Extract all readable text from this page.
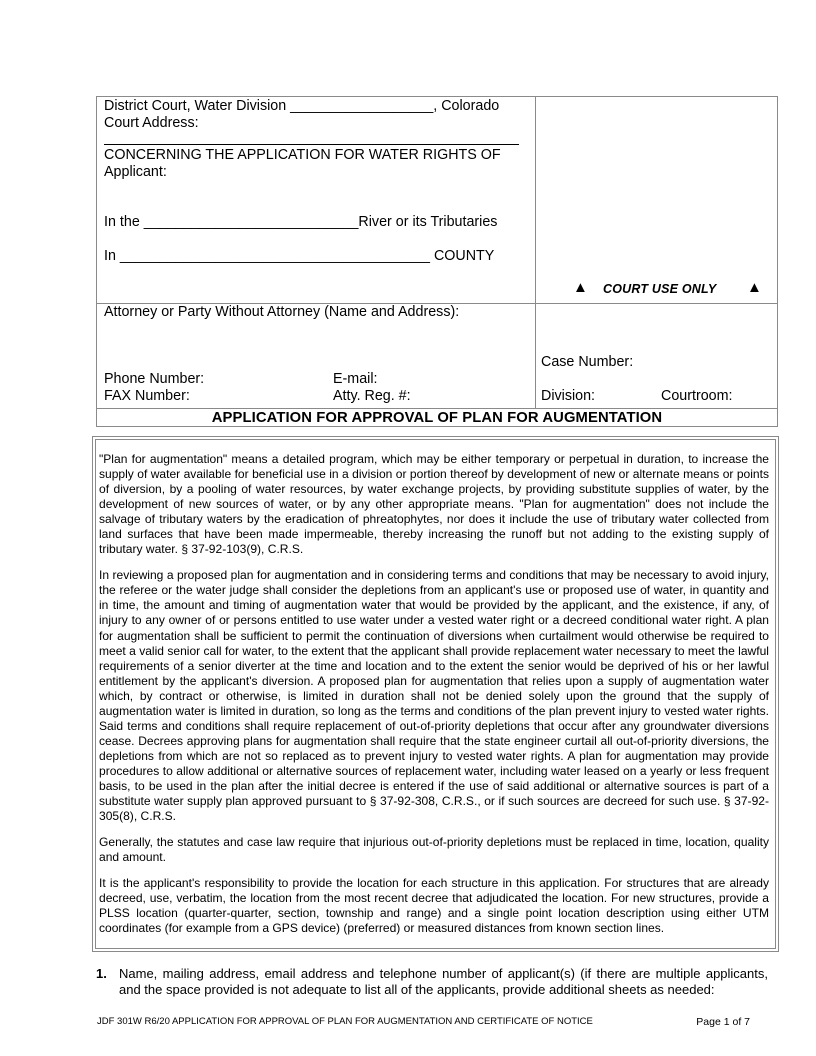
District Court, Water Division __________________, Colorado
Court Address:
CONCERNING THE APPLICATION FOR WATER RIGHTS OF
Applicant:
In the ___________________________River or its Tributaries
In _______________________________________ COUNTY
▲ COURT USE ONLY ▲
Attorney or Party Without Attorney (Name and Address):
Phone Number:	E-mail:
FAX Number:	Atty. Reg. #:
Case Number:
Division:	Courtroom:
APPLICATION FOR APPROVAL OF PLAN FOR AUGMENTATION

"Plan for augmentation" means a detailed program, which may be either temporary or perpetual in duration, to increase the supply of water available for beneficial use in a division or portion thereof by development of new or alternate means or points of diversion, by a pooling of water resources, by water exchange projects, by providing substitute supplies of water, by the development of new sources of water, or by any other appropriate means. "Plan for augmentation" does not include the salvage of tributary waters by the eradication of phreatophytes, nor does it include the use of tributary water collected from land surfaces that have been made impermeable, thereby increasing the runoff but not adding to the existing supply of tributary water. § 37-92-103(9), C.R.S.

In reviewing a proposed plan for augmentation and in considering terms and conditions that may be necessary to avoid injury, the referee or the water judge shall consider the depletions from an applicant's use or proposed use of water, in quantity and in time, the amount and timing of augmentation water that would be provided by the applicant, and the existence, if any, of injury to any owner of or persons entitled to use water under a vested water right or a decreed conditional water right. A plan for augmentation shall be sufficient to permit the continuation of diversions when curtailment would otherwise be required to meet a valid senior call for water, to the extent that the applicant shall provide replacement water necessary to meet the lawful requirements of a senior diverter at the time and location and to the extent the senior would be deprived of his or her lawful entitlement by the applicant's diversion. A proposed plan for augmentation that relies upon a supply of augmentation water which, by contract or otherwise, is limited in duration shall not be denied solely upon the ground that the supply of augmentation water is limited in duration, so long as the terms and conditions of the plan prevent injury to vested water rights. Said terms and conditions shall require replacement of out-of-priority depletions that occur after any groundwater diversions cease. Decrees approving plans for augmentation shall require that the state engineer curtail all out-of-priority diversions, the depletions from which are not so replaced as to prevent injury to vested water rights. A plan for augmentation may provide procedures to allow additional or alternative sources of replacement water, including water leased on a yearly or less frequent basis, to be used in the plan after the initial decree is entered if the use of said additional or alternative sources is part of a substitute water supply plan approved pursuant to § 37-92-308, C.R.S., or if such sources are decreed for such use. § 37-92-305(8), C.R.S.

Generally, the statutes and case law require that injurious out-of-priority depletions must be replaced in time, location, quality and amount.

It is the applicant's responsibility to provide the location for each structure in this application. For structures that are already decreed, use, verbatim, the location from the most recent decree that adjudicated the location. For new structures, provide a PLSS location (quarter-quarter, section, township and range) and a single point location description using either UTM coordinates (for example from a GPS device) (preferred) or measured distances from known section lines.

1. Name, mailing address, email address and telephone number of applicant(s) (if there are multiple applicants, and the space provided is not adequate to list all of the applicants, provide additional sheets as needed:
JDF 301W R6/20 APPLICATION FOR APPROVAL OF PLAN FOR AUGMENTATION AND CERTIFICATE OF NOTICE	Page 1 of 7
